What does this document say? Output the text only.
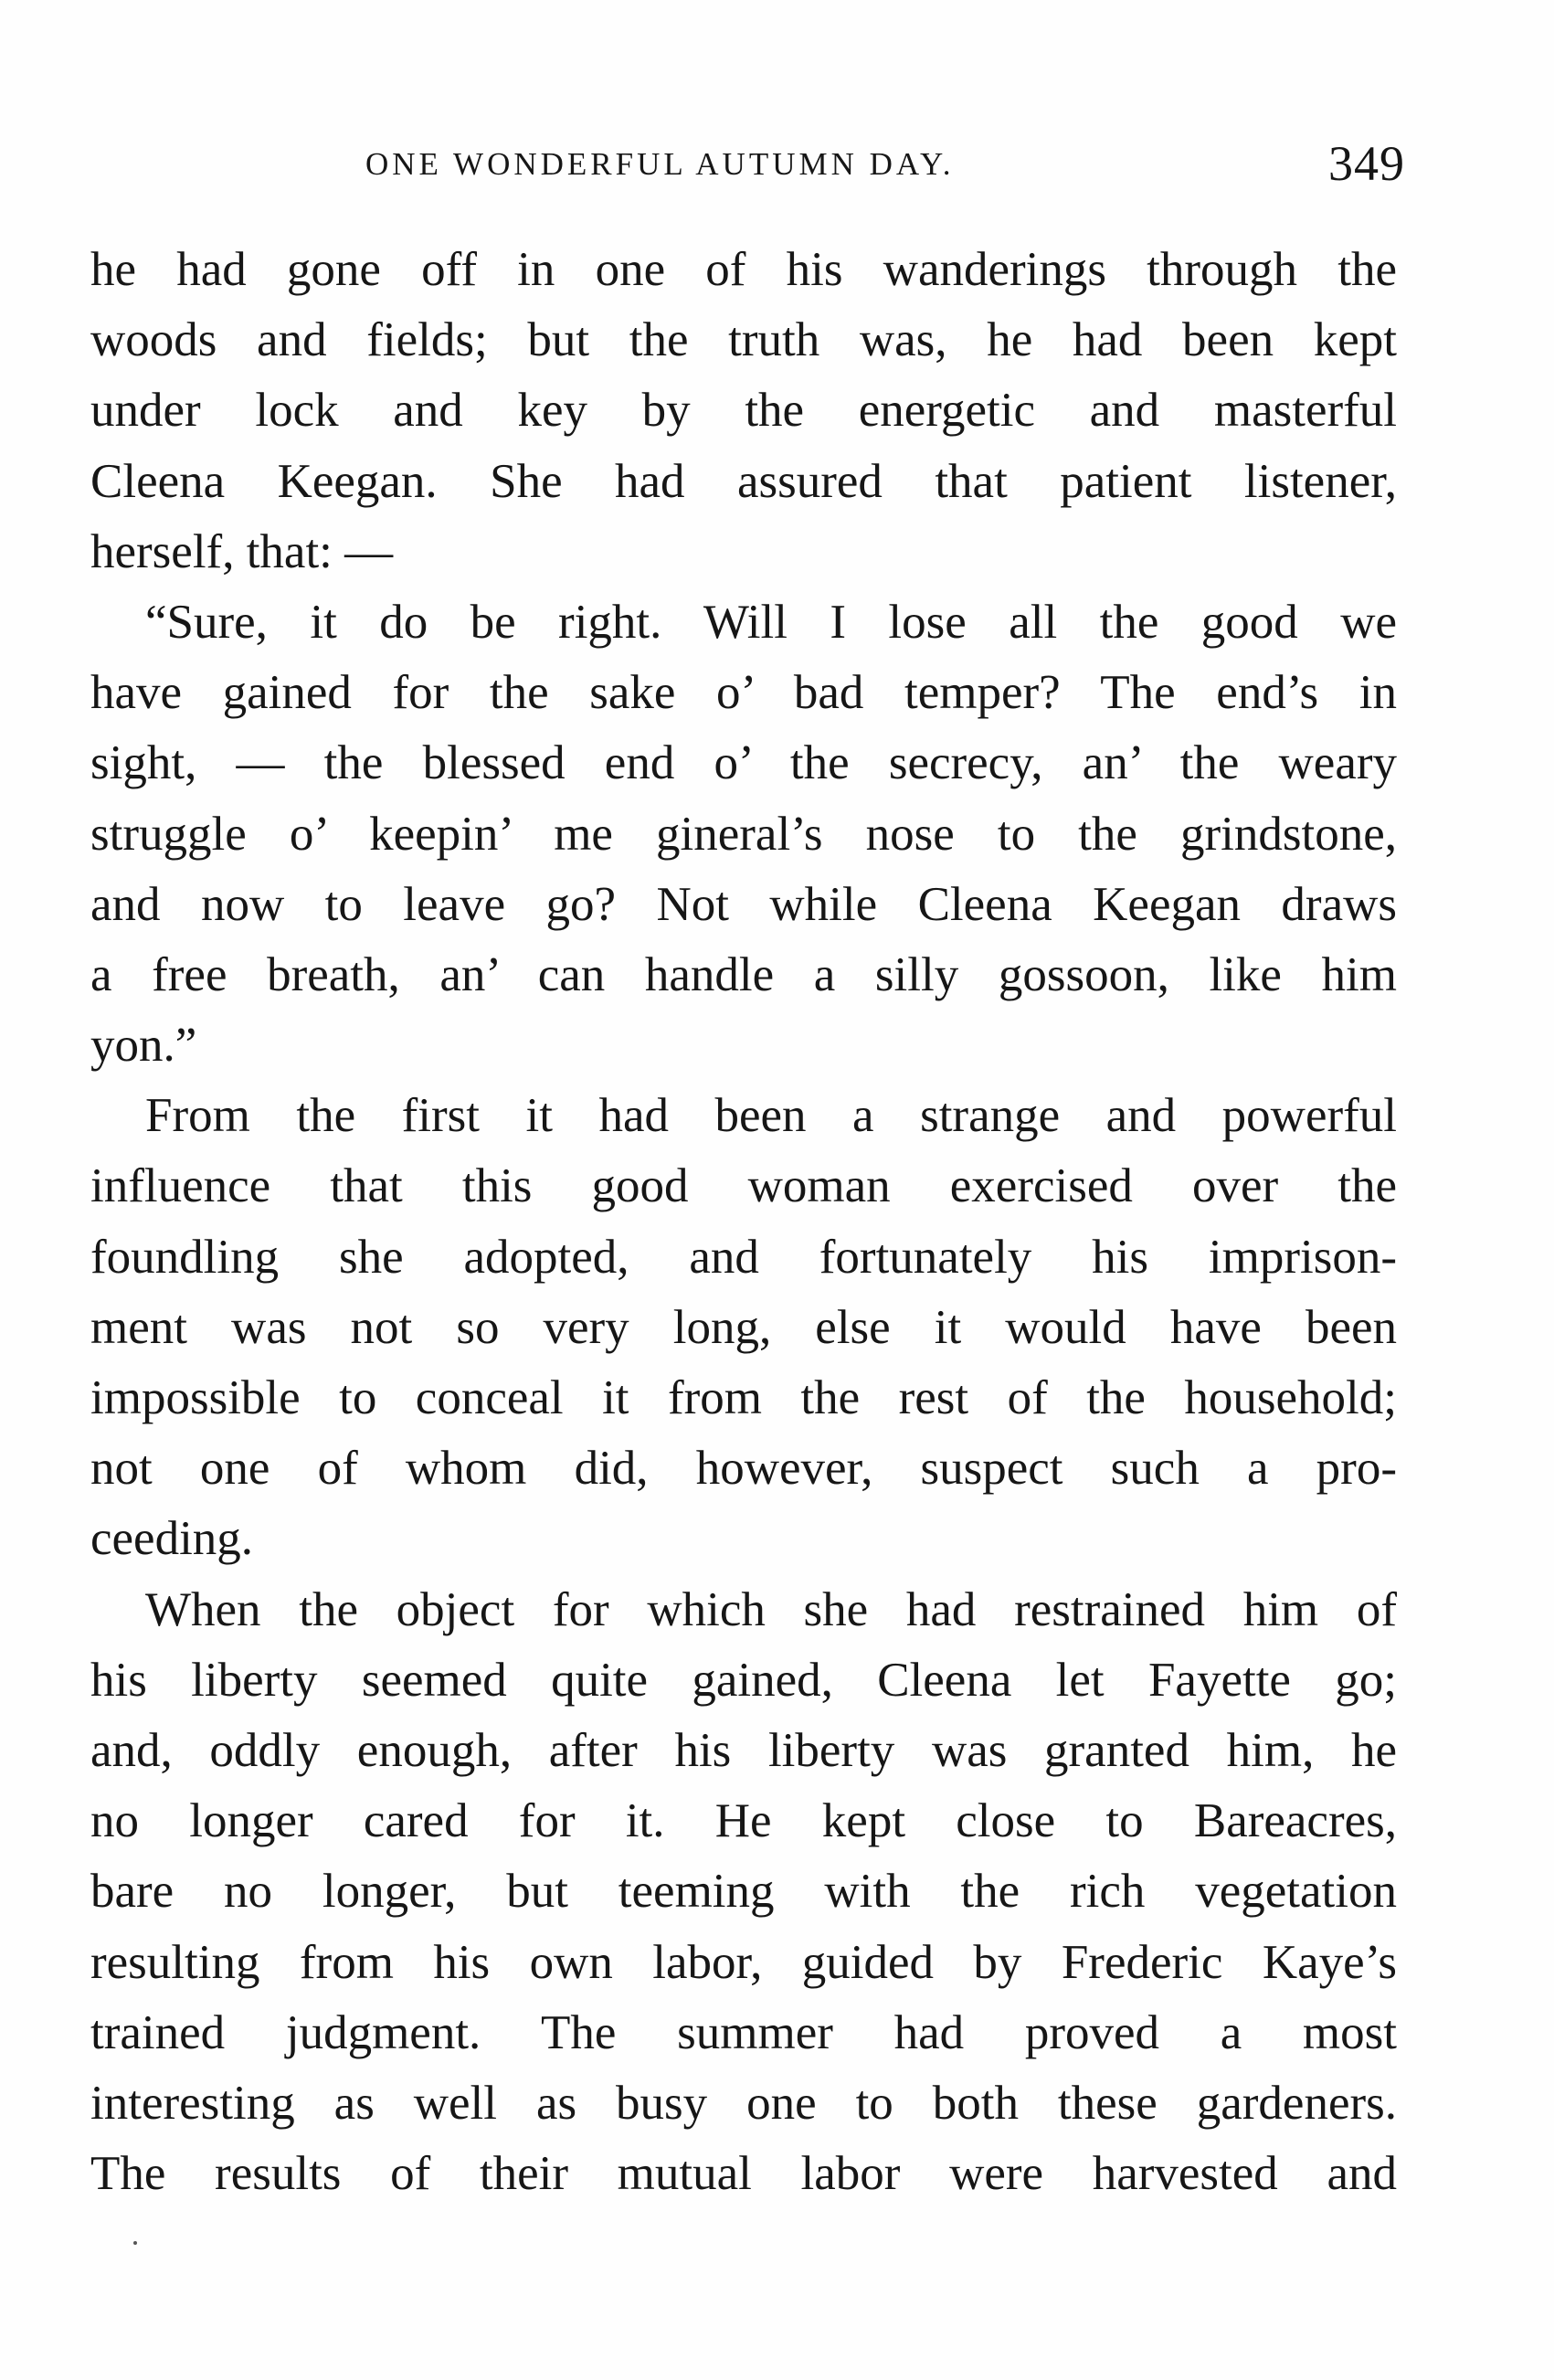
ONE WONDERFUL AUTUMN DAY.	349
he had gone off in one of his wanderings through the
woods and fields; but the truth was, he had been kept
under lock and key by the energetic and masterful
Cleena Keegan. She had assured that patient listener,
herself, that: —
“Sure, it do be right. Will I lose all the good we
have gained for the sake o’ bad temper? The end’s in
sight, — the blessed end o’ the secrecy, an’ the weary
struggle o’ keepin’ me gineral’s nose to the grindstone,
and now to leave go? Not while Cleena Keegan draws
a free breath, an’ can handle a silly gossoon, like him
yon.”
From the first it had been a strange and powerful
influence that this good woman exercised over the
foundling she adopted, and fortunately his imprison-
ment was not so very long, else it would have been
impossible to conceal it from the rest of the household;
not one of whom did, however, suspect such a pro-
ceeding.
When the object for which she had restrained him of
his liberty seemed quite gained, Cleena let Fayette go;
and, oddly enough, after his liberty was granted him, he
no longer cared for it. He kept close to Bareacres,
bare no longer, but teeming with the rich vegetation
resulting from his own labor, guided by Frederic Kaye’s
trained judgment. The summer had proved a most
interesting as well as busy one to both these gardeners.
The results of their mutual labor were harvested and
